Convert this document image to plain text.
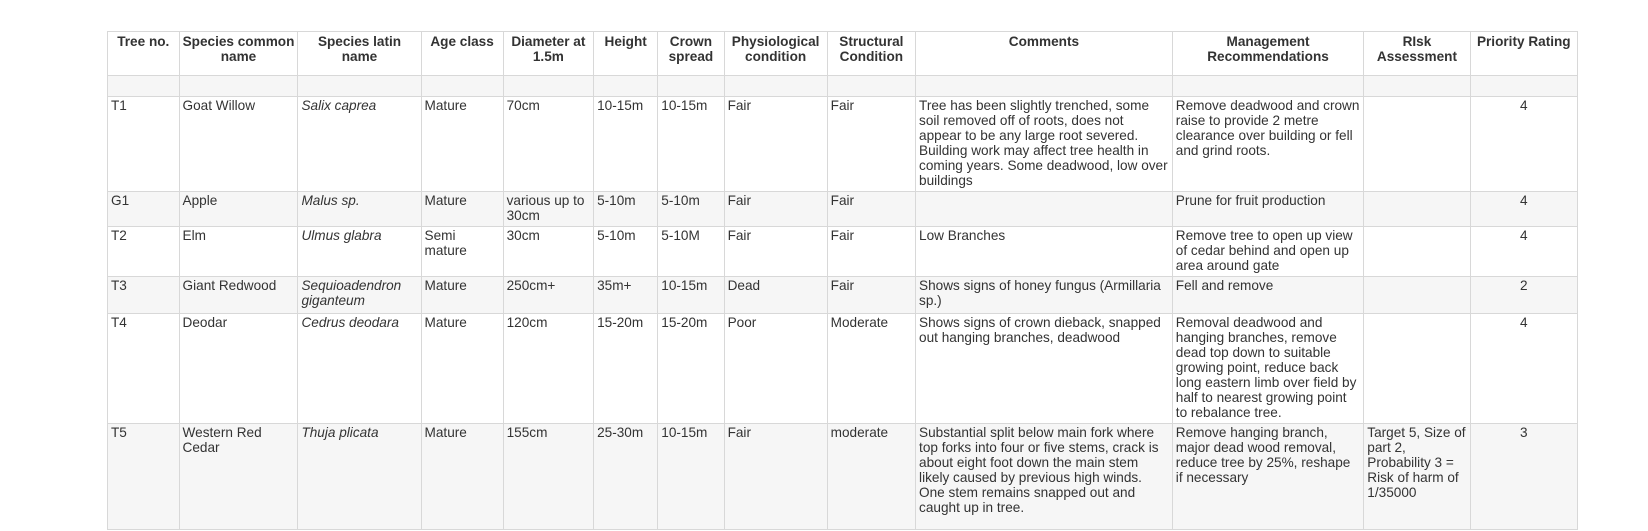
Tree no.	Species common name	Species latin name	Age class	Diameter at 1.5m	Height	Crown spread	Physiological condition	Structural Condition	Comments	Management Recommendations	RIsk Assessment	Priority Rating

T1	Goat Willow	Salix caprea	Mature	70cm	10-15m	10-15m	Fair	Fair	Tree has been slightly trenched, some soil removed off of roots, does not appear to be any large root severed. Building work may affect tree health in coming years. Some deadwood, low over buildings	Remove deadwood and crown raise to provide 2 metre clearance over building or fell and grind roots.		4
G1	Apple	Malus sp.	Mature	various up to 30cm	5-10m	5-10m	Fair	Fair		Prune for fruit production		4
T2	Elm	Ulmus glabra	Semi mature	30cm	5-10m	5-10M	Fair	Fair	Low Branches	Remove tree to open up view of cedar behind and open up area around gate		4
T3	Giant Redwood	Sequioadendron giganteum	Mature	250cm+	35m+	10-15m	Dead	Fair	Shows signs of honey fungus (Armillaria sp.)	Fell and remove		2
T4	Deodar	Cedrus deodara	Mature	120cm	15-20m	15-20m	Poor	Moderate	Shows signs of crown dieback, snapped out hanging branches, deadwood	Removal deadwood and hanging branches, remove dead top down to suitable growing point, reduce back long eastern limb over field by half to nearest growing point to rebalance tree.		4
T5	Western Red Cedar	Thuja plicata	Mature	155cm	25-30m	10-15m	Fair	moderate	Substantial split below main fork where top forks into four or five stems, crack is about eight foot down the main stem likely caused by previous high winds. One stem remains snapped out and caught up in tree.	Remove hanging branch, major dead wood removal, reduce tree by 25%, reshape if necessary	Target 5, Size of part 2, Probability 3 = Risk of harm of 1/35000	3
